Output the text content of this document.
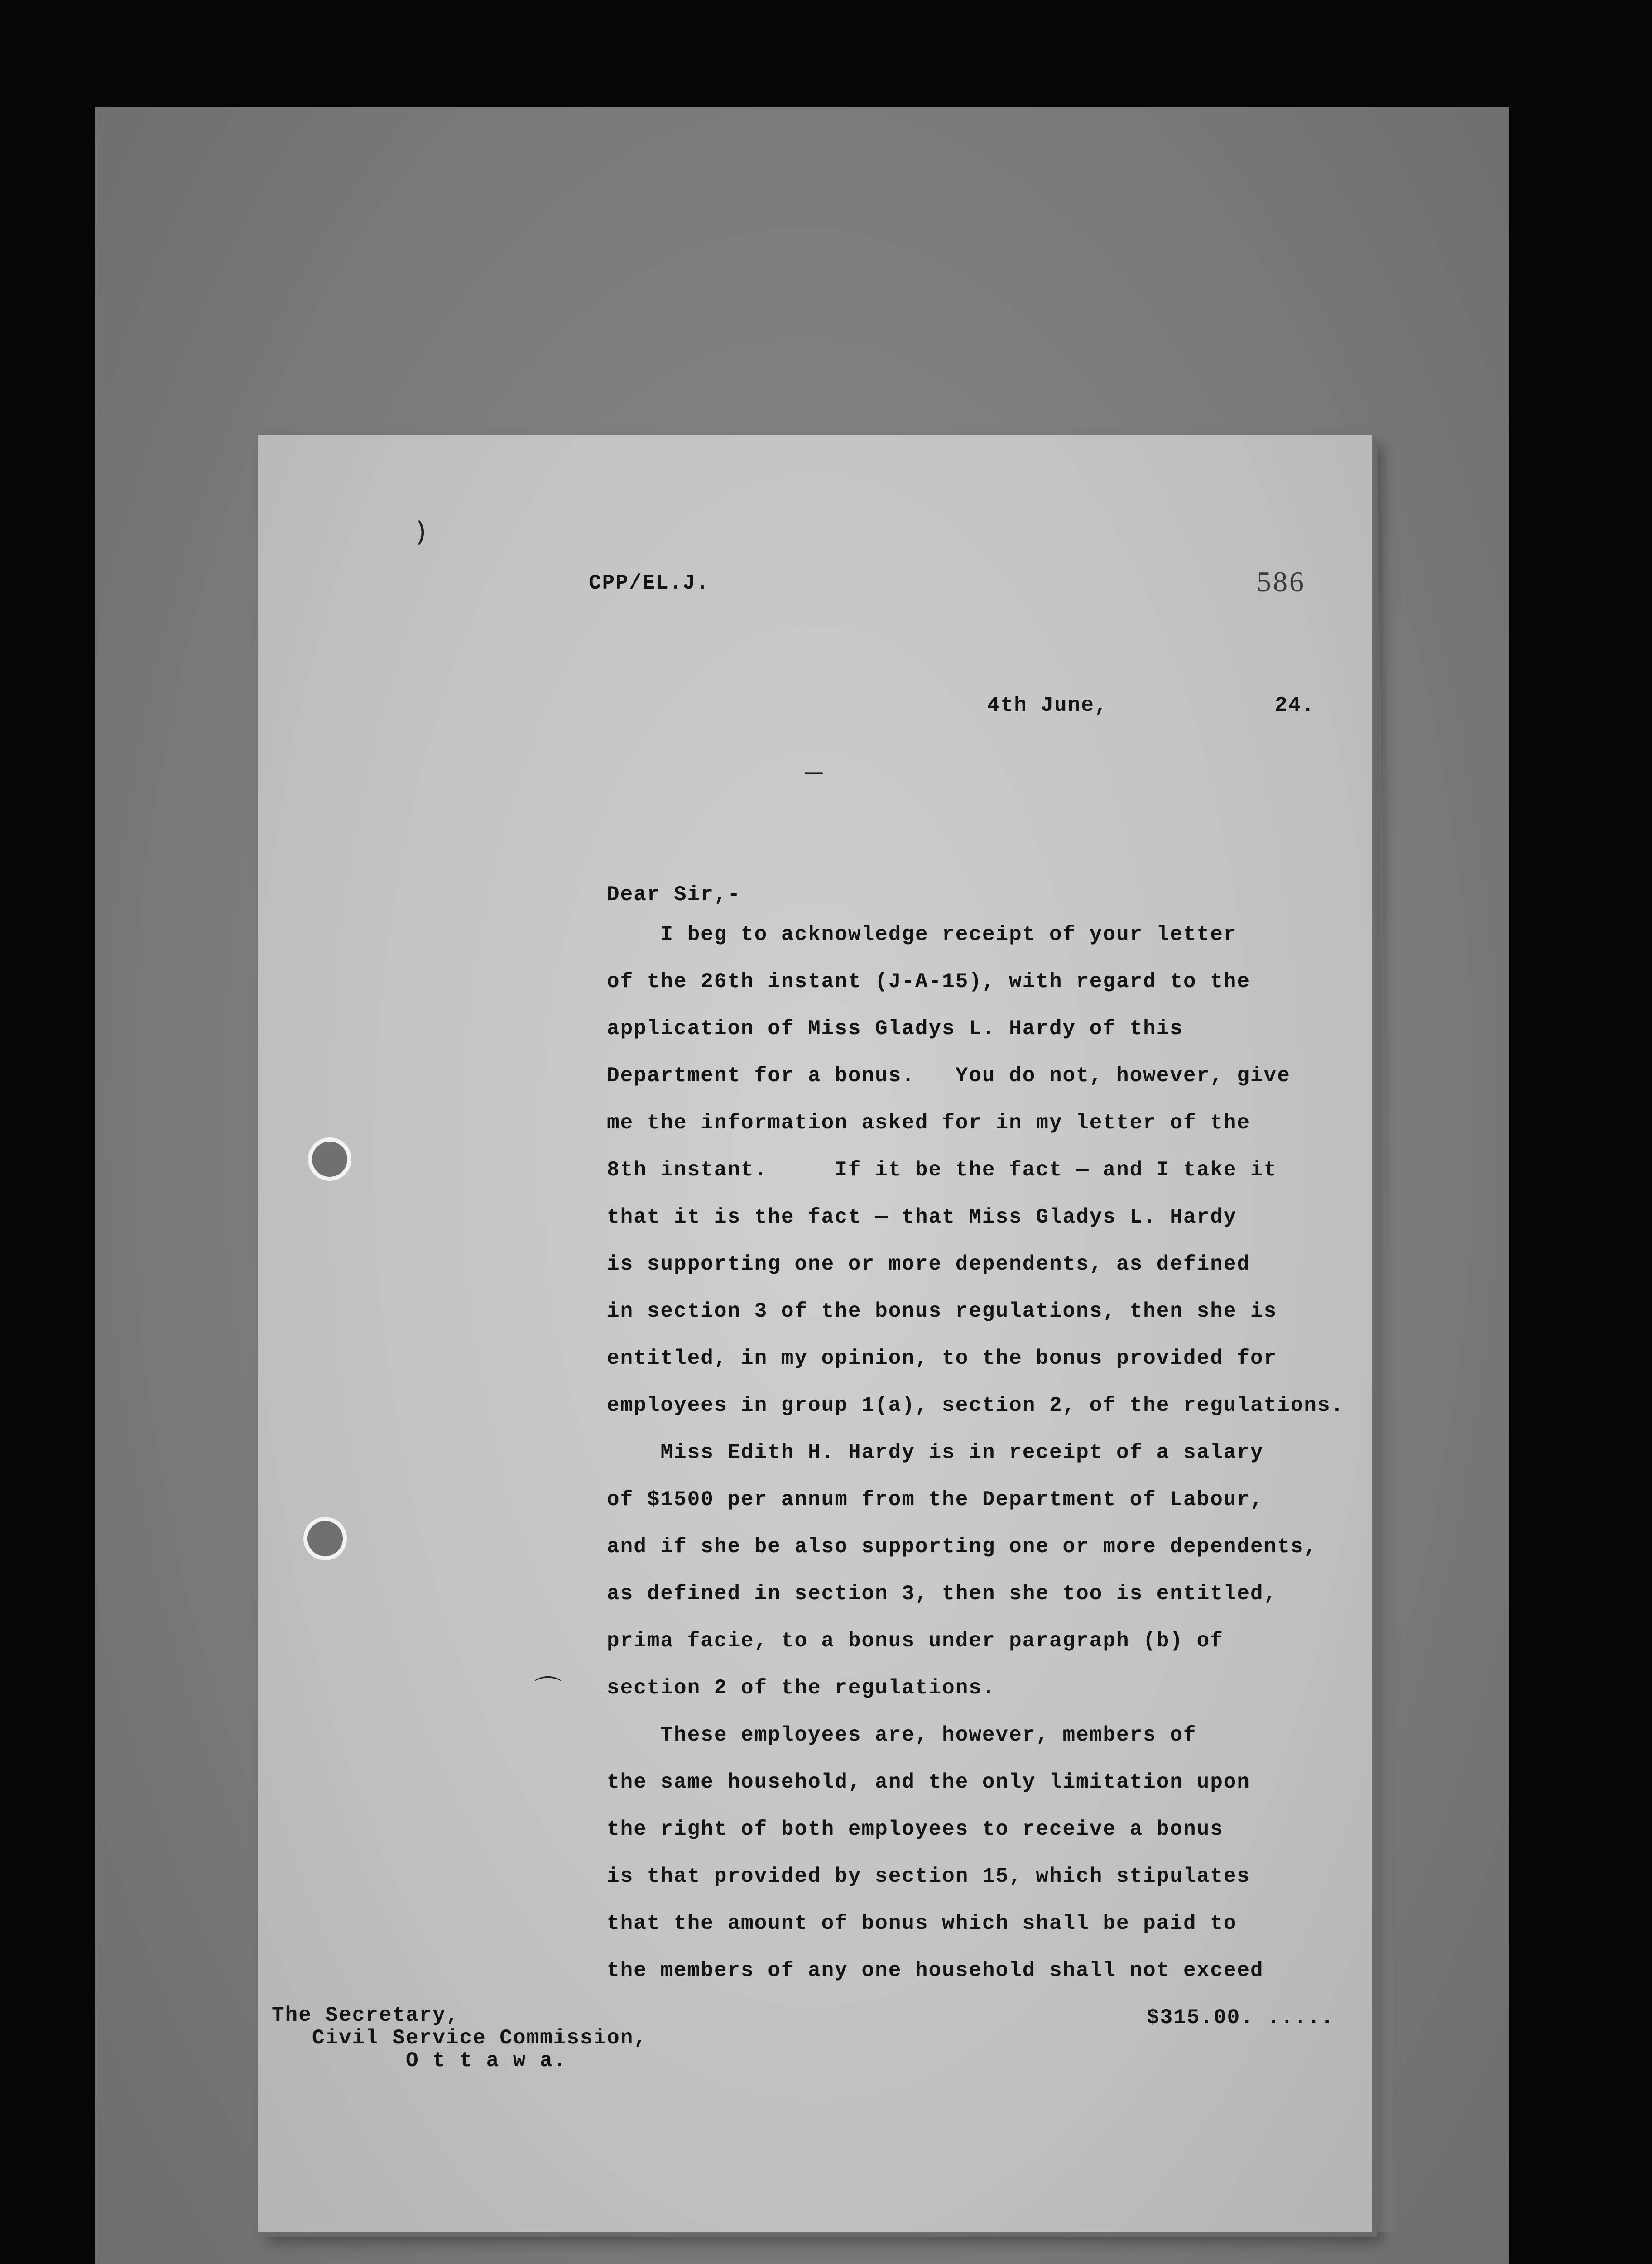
)
—
⌒
CPP/EL.J.	586
4th June,	24.
Dear Sir,-
I beg to acknowledge receipt of your letter
of the 26th instant (J-A-15), with regard to the
application of Miss Gladys L. Hardy of this
Department for a bonus.   You do not, however, give
me the information asked for in my letter of the
8th instant.     If it be the fact — and I take it
that it is the fact — that Miss Gladys L. Hardy
is supporting one or more dependents, as defined
in section 3 of the bonus regulations, then she is
entitled, in my opinion, to the bonus provided for
employees in group 1(a), section 2, of the regulations.
Miss Edith H. Hardy is in receipt of a salary
of $1500 per annum from the Department of Labour,
and if she be also supporting one or more dependents,
as defined in section 3, then she too is entitled,
prima facie, to a bonus under paragraph (b) of
section 2 of the regulations.
These employees are, however, members of
the same household, and the only limitation upon
the right of both employees to receive a bonus
is that provided by section 15, which stipulates
that the amount of bonus which shall be paid to
the members of any one household shall not exceed
$315.00. .....
The Secretary,
Civil Service Commission,
O t t a w a.
